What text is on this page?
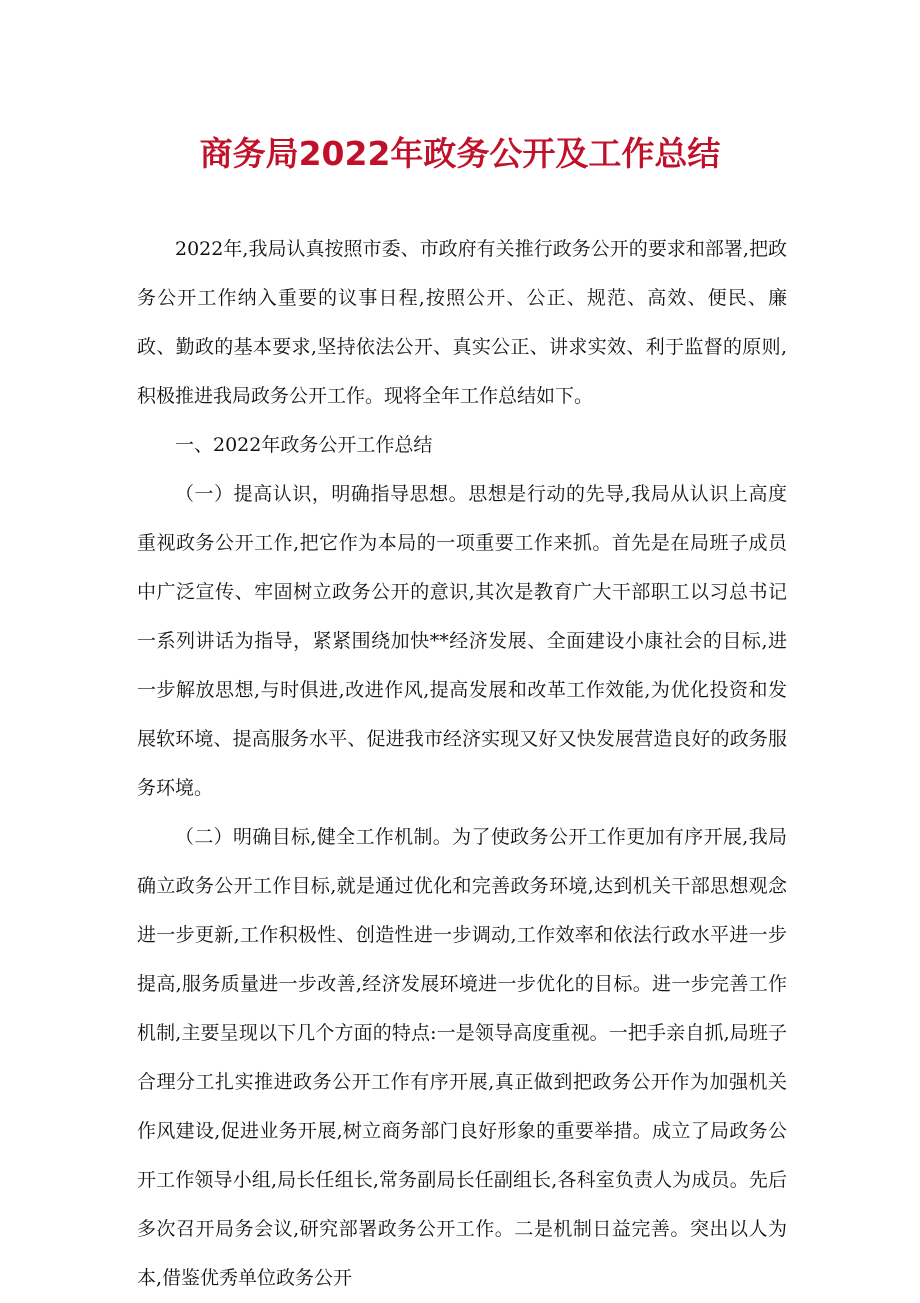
商务局2022年政务公开及工作总结

2022年,我局认真按照市委、市政府有关推行政务公开的要求和部署,把政务公开工作纳入重要的议事日程,按照公开、公正、规范、高效、便民、廉政、勤政的基本要求,坚持依法公开、真实公正、讲求实效、利于监督的原则,积极推进我局政务公开工作。现将全年工作总结如下。

一、2022年政务公开工作总结

（一）提高认识，明确指导思想。思想是行动的先导,我局从认识上高度重视政务公开工作,把它作为本局的一项重要工作来抓。首先是在局班子成员中广泛宣传、牢固树立政务公开的意识,其次是教育广大干部职工以习总书记一系列讲话为指导，紧紧围绕加快**经济发展、全面建设小康社会的目标,进一步解放思想,与时俱进,改进作风,提高发展和改革工作效能,为优化投资和发展软环境、提高服务水平、促进我市经济实现又好又快发展营造良好的政务服务环境。

（二）明确目标,健全工作机制。为了使政务公开工作更加有序开展,我局确立政务公开工作目标,就是通过优化和完善政务环境,达到机关干部思想观念进一步更新,工作积极性、创造性进一步调动,工作效率和依法行政水平进一步提高,服务质量进一步改善,经济发展环境进一步优化的目标。进一步完善工作机制,主要呈现以下几个方面的特点:一是领导高度重视。一把手亲自抓,局班子合理分工扎实推进政务公开工作有序开展,真正做到把政务公开作为加强机关作风建设,促进业务开展,树立商务部门良好形象的重要举措。成立了局政务公开工作领导小组,局长任组长,常务副局长任副组长,各科室负责人为成员。先后多次召开局务会议,研究部署政务公开工作。二是机制日益完善。突出以人为本,借鉴优秀单位政务公开
